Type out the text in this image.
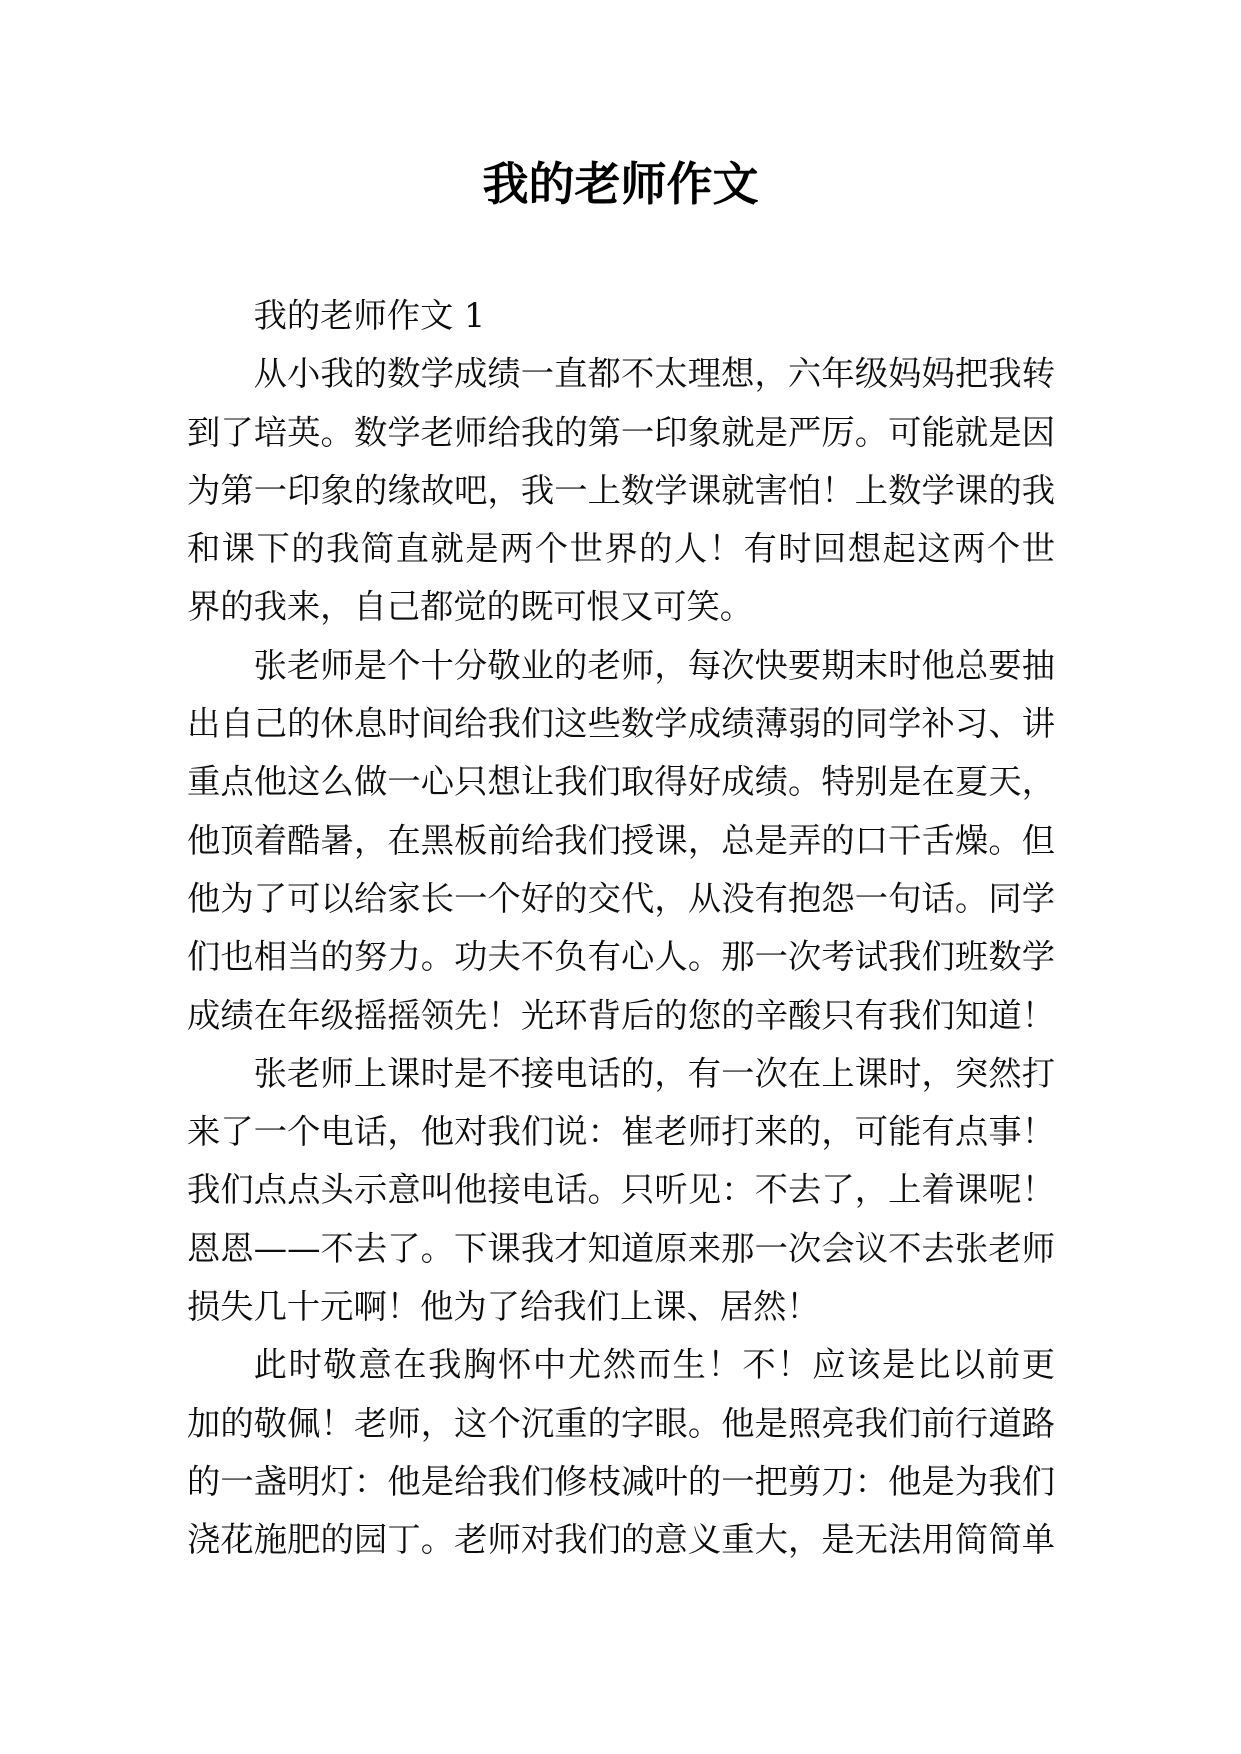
我的老师作文
我的老师作文 1
从小我的数学成绩一直都不太理想，六年级妈妈把我转
到了培英。数学老师给我的第一印象就是严厉。可能就是因
为第一印象的缘故吧，我一上数学课就害怕！上数学课的我
和课下的我简直就是两个世界的人！有时回想起这两个世
界的我来，自己都觉的既可恨又可笑。
张老师是个十分敬业的老师，每次快要期末时他总要抽
出自己的休息时间给我们这些数学成绩薄弱的同学补习、讲
重点他这么做一心只想让我们取得好成绩。特别是在夏天，
他顶着酷暑，在黑板前给我们授课，总是弄的口干舌燥。但
他为了可以给家长一个好的交代，从没有抱怨一句话。同学
们也相当的努力。功夫不负有心人。那一次考试我们班数学
成绩在年级摇摇领先！光环背后的您的辛酸只有我们知道！
张老师上课时是不接电话的，有一次在上课时，突然打
来了一个电话，他对我们说：崔老师打来的，可能有点事！
我们点点头示意叫他接电话。只听见：不去了，上着课呢！
恩恩——不去了。下课我才知道原来那一次会议不去张老师
损失几十元啊！他为了给我们上课、居然！
此时敬意在我胸怀中尤然而生！不！应该是比以前更
加的敬佩！老师，这个沉重的字眼。他是照亮我们前行道路
的一盏明灯：他是给我们修枝减叶的一把剪刀：他是为我们
浇花施肥的园丁。老师对我们的意义重大，是无法用简简单
